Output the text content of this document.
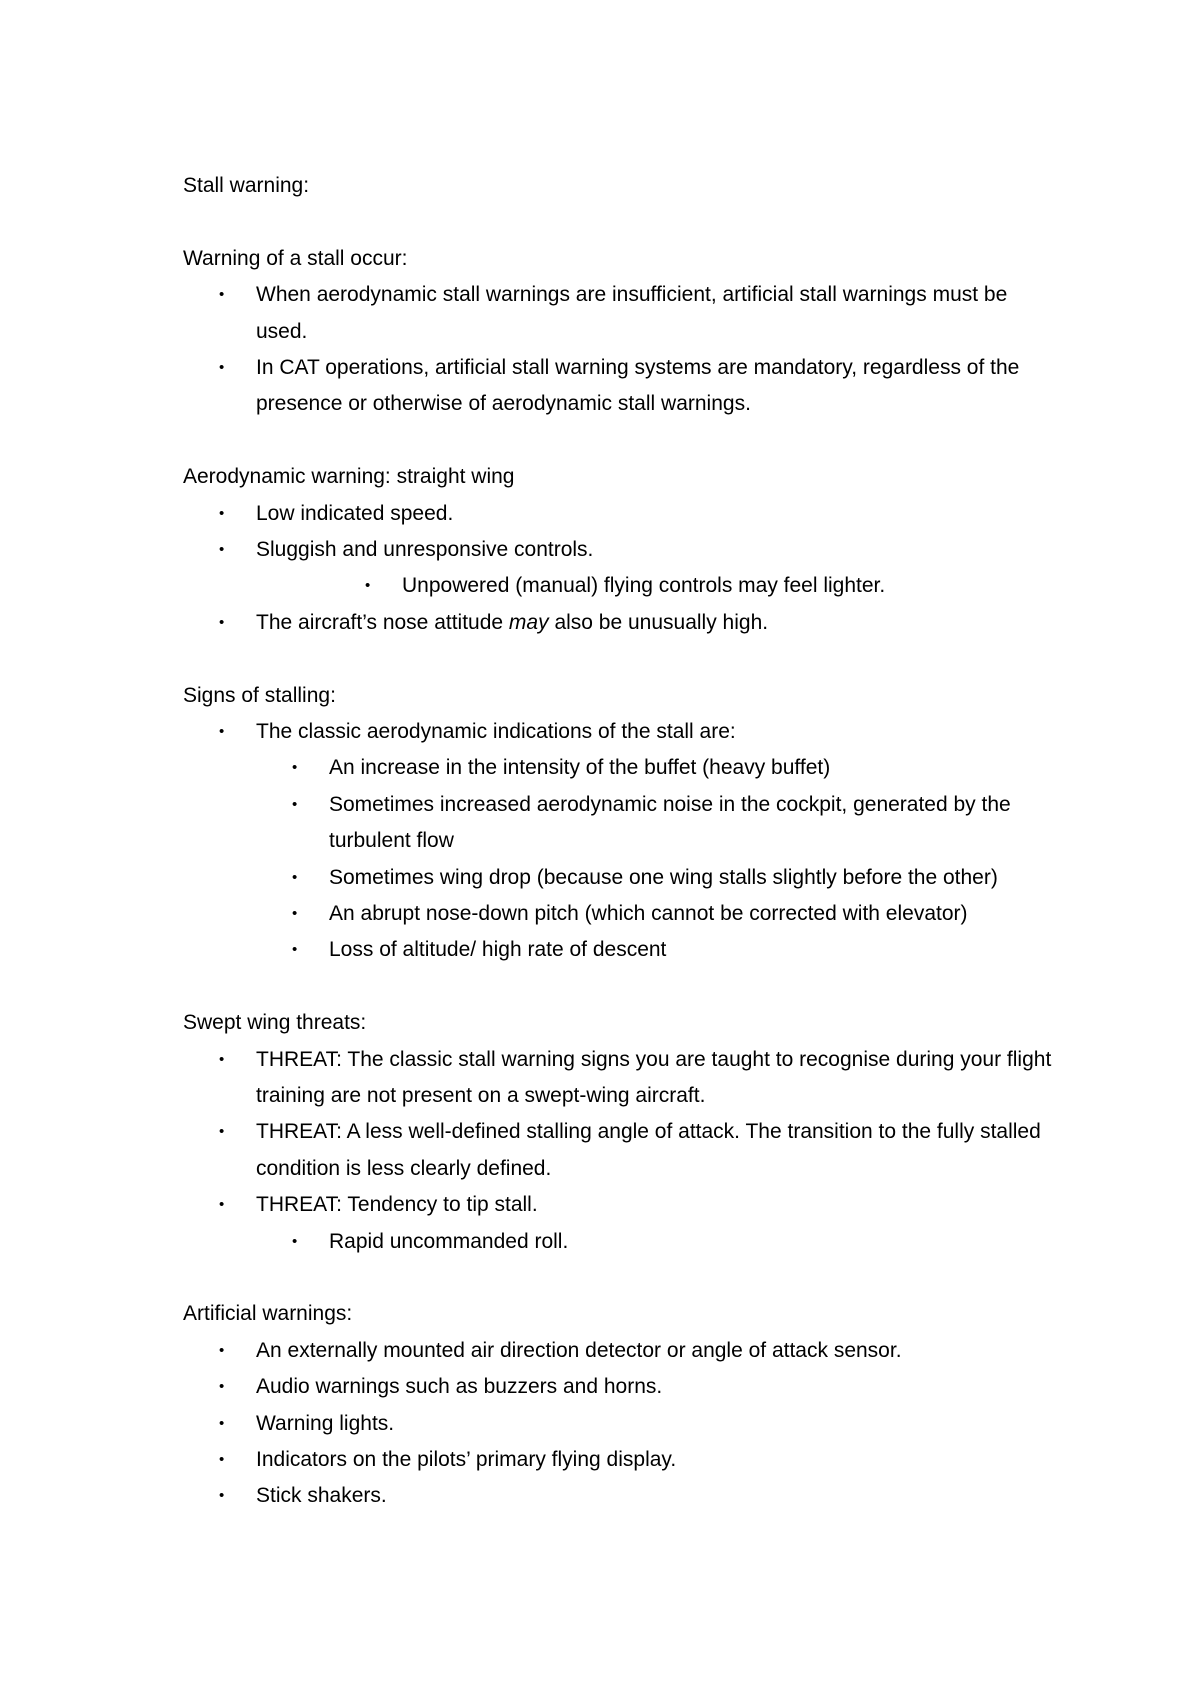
Stall warning:

Warning of a stall occur:

• When aerodynamic stall warnings are insufficient, artificial stall warnings must be used.
• In CAT operations, artificial stall warning systems are mandatory, regardless of the presence or otherwise of aerodynamic stall warnings.

Aerodynamic warning: straight wing

• Low indicated speed.
• Sluggish and unresponsive controls.
• Unpowered (manual) flying controls may feel lighter.
• The aircraft’s nose attitude may also be unusually high.

Signs of stalling:

• The classic aerodynamic indications of the stall are:
• An increase in the intensity of the buffet (heavy buffet)
• Sometimes increased aerodynamic noise in the cockpit, generated by the turbulent flow
• Sometimes wing drop (because one wing stalls slightly before the other)
• An abrupt nose-down pitch (which cannot be corrected with elevator)
• Loss of altitude/ high rate of descent

Swept wing threats:

• THREAT: The classic stall warning signs you are taught to recognise during your flight training are not present on a swept-wing aircraft.
• THREAT: A less well-defined stalling angle of attack. The transition to the fully stalled condition is less clearly defined.
• THREAT: Tendency to tip stall.
• Rapid uncommanded roll.

Artificial warnings:

• An externally mounted air direction detector or angle of attack sensor.
• Audio warnings such as buzzers and horns.
• Warning lights.
• Indicators on the pilots’ primary flying display.
• Stick shakers.
